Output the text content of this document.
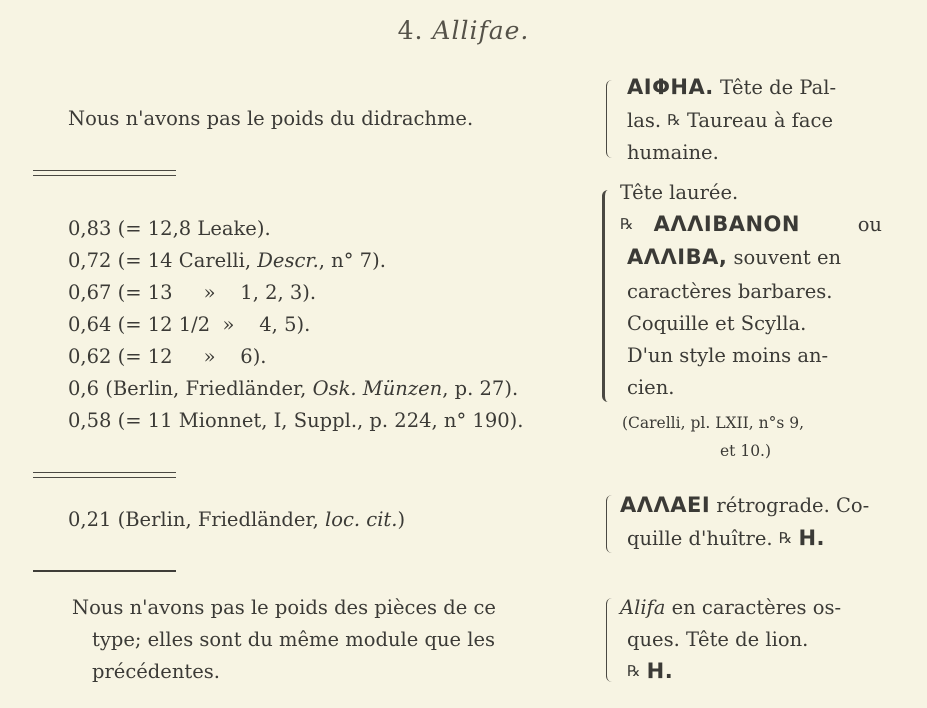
4. Allifae.
Nous n'avons pas le poids du didrachme.
ΑΙΦΗΑ. Tête de Pal-
las. ℞ Taureau à face
humaine.
0,83 (= 12,8 Leake).
0,72 (= 14 Carelli, Descr., n° 7).
0,67 (= 13     »    1, 2, 3).
0,64 (= 12 1/2  »    4, 5).
0,62 (= 12     »    6).
0,6 (Berlin, Friedländer, Osk. Münzen, p. 27).
0,58 (= 11 Mionnet, I, Suppl., p. 224, n° 190).
Tête laurée.
℞ ΑΛΛΙΒΑΝΟΝ	ou
ΑΛΛΙΒΑ, souvent en
caractères barbares.
Coquille et Scylla.
D'un style moins an-
cien.
(Carelli, pl. LXII, n°s 9,
et 10.)
0,21 (Berlin, Friedländer, loc. cit.)
ΑΛΛΑΕΙ rétrograde. Co-
quille d'huître. ℞ Η.
Nous n'avons pas le poids des pièces de ce
type; elles sont du même module que les
précédentes.
Alifa en caractères os-
ques. Tête de lion.
℞ Η.
